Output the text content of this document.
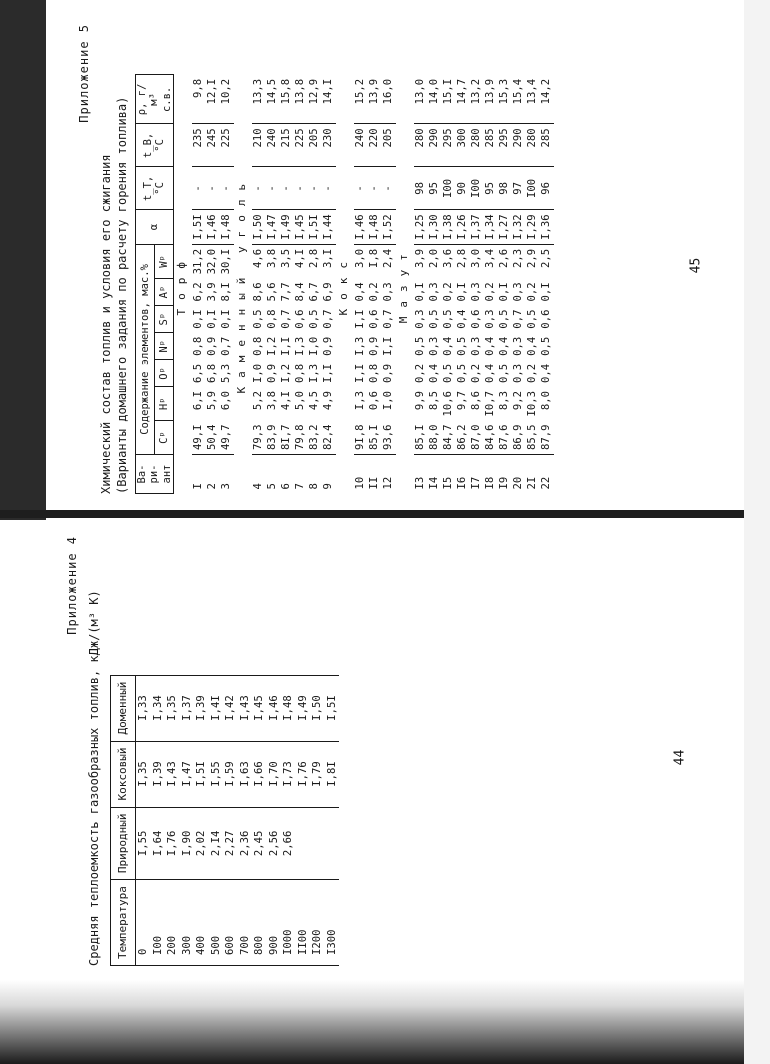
Приложение 5
Химический состав топлив и условия его сжигания (Варианты домашнего задания по расчету горения топлива) Ва-ри-ант	Содержание элементов, мас.%							α	t_T, °C	t_B, °C	ρ, г/м³ с.в.
	Cᵖ	Hᵖ	Oᵖ	Nᵖ	Sᵖ	Aᵖ	Wᵖ				
Торф											
I	49,I	6,I	6,5	0,8	0,I	6,2	31,2	I,5I	-	235	9,8
2	50,4	5,9	6,8	0,9	0,I	3,9	32,0	I,46	-	245	12,I
3	49,7	6,0	5,3	0,7	0,I	8,I	30,I	I,48	-	225	10,2
Каменный уголь											
4	79,3	5,2	I,0	0,8	0,5	8,6	4,6	I,50	-	210	13,3
5	83,9	3,8	0,9	I,2	0,8	5,6	3,8	I,47	-	240	14,5
6	8I,7	4,I	I,2	I,I	0,7	7,7	3,5	I,49	-	215	15,8
7	79,8	5,0	0,8	I,3	0,6	8,4	4,I	I,45	-	225	13,8
8	83,2	4,5	I,3	I,0	0,5	6,7	2,8	I,5I	-	205	12,9
9	82,4	4,9	I,I	0,9	0,7	6,9	3,I	I,44	-	230	14,I
Кокс											
10	9I,8	I,3	I,I	I,3	I,I	0,4	3,0	I,46	-	240	15,2
II	85,I	0,6	0,8	0,9	0,6	0,2	I,8	I,48	-	220	13,9
12	93,6	I,0	0,9	I,I	0,7	0,3	2,4	I,52	-	205	16,0
Мазут											
I3	85,I	9,9	0,2	0,5	0,3	0,I	3,9	I,25	98	280	13,0
I4	88,0	8,5	0,4	0,3	0,5	0,3	2,0	I,30	95	290	14,0
I5	84,7	10,6	0,5	0,4	0,5	0,2	3,6	I,38	I00	295	15,I
I6	86,2	9,7	0,5	0,5	0,4	0,I	2,8	I,26	90	300	14,7
I7	87,0	8,6	0,2	0,3	0,6	0,3	3,0	I,37	I00	280	13,2
I8	84,6	I0,7	0,4	0,4	0,3	0,2	3,4	I,34	95	285	13,9
I9	87,6	8,3	0,5	0,4	0,5	0,I	2,6	I,27	98	295	15,3
20	86,9	9,2	0,3	0,3	0,7	0,3	2,3	I,32	97	290	15,4
2I	85,5	I0,3	0,2	0,4	0,5	0,2	2,9	I,29	I00	280	13,4
22	87,9	8,0	0,4	0,5	0,6	0,I	2,5	I,36	96	285	14,2
Приложение 4
Средняя теплоемкость газообразных топлив, кДж/(м³ К) Температура	Природный	Коксовый	Доменный
0	I,55	I,35	I,33
I00	I,64	I,39	I,34
200	I,76	I,43	I,35
300	I,90	I,47	I,37
400	2,02	I,5I	I,39
500	2,I4	I,55	I,4I
600	2,27	I,59	I,42
700	2,36	I,63	I,43
800	2,45	I,66	I,45
900	2,56	I,70	I,46
I000	2,66	I,73	I,48
II00		I,76	I,49
I200		I,79	I,50
I300		I,8I	I,5I
45
44
